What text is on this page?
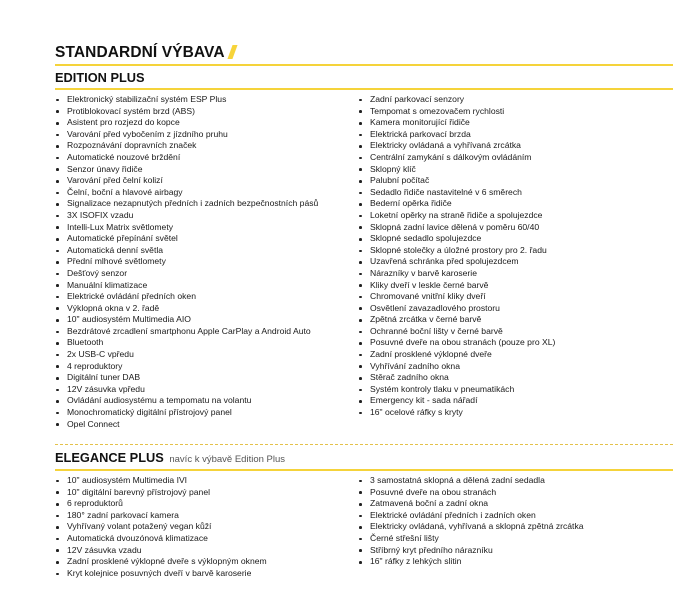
STANDARDNÍ VÝBAVA
EDITION PLUS
Elektronický stabilizační systém ESP Plus
Protiblokovací systém brzd (ABS)
Asistent pro rozjezd do kopce
Varování před vybočením z jízdního pruhu
Rozpoznávání dopravních značek
Automatické nouzové brždění
Senzor únavy řidiče
Varování před čelní kolizí
Čelní, boční a hlavové airbagy
Signalizace nezapnutých předních i zadních bezpečnostních pásů
3X ISOFIX vzadu
Intelli-Lux Matrix světlomety
Automatické přepínání světel
Automatická denní světla
Přední mlhové světlomety
Dešťový senzor
Manuální klimatizace
Elektrické ovládání předních oken
Výklopná okna v 2. řadě
10" audiosystém Multimedia AIO
Bezdrátové zrcadlení smartphonu Apple CarPlay a Android Auto
Bluetooth
2x USB-C vpředu
4 reproduktory
Digitální tuner DAB
12V zásuvka vpředu
Ovládání audiosystému a tempomatu na volantu
Monochromatický digitální přístrojový panel
Opel Connect
Zadní parkovací senzory
Tempomat s omezovačem rychlosti
Kamera monitorující řidiče
Elektrická parkovací brzda
Elektricky ovládaná a vyhřívaná zrcátka
Centrální zamykání s dálkovým ovládáním
Sklopný klíč
Palubní počítač
Sedadlo řidiče nastavitelné v 6 směrech
Bederní opěrka řidiče
Loketní opěrky na straně řidiče a spolujezdce
Sklopná zadní lavice dělená v poměru 60/40
Sklopné sedadlo spolujezdce
Sklopné stolečky a úložné prostory pro 2. řadu
Uzavřená schránka před spolujezdcem
Nárazníky v barvě karoserie
Kliky dveří v leskle černé barvě
Chromované vnitřní kliky dveří
Osvětlení zavazadlového prostoru
Zpětná zrcátka v černé barvě
Ochranné boční lišty v černé barvě
Posuvné dveře na obou stranách (pouze pro XL)
Zadní prosklené výklopné dveře
Vyhřívání zadního okna
Stěrač zadního okna
Systém kontroly tlaku v pneumatikách
Emergency kit - sada nářadí
16" ocelové ráfky s kryty
ELEGANCE PLUS navíc k výbavě Edition Plus
10" audiosystém Multimedia IVI
10" digitální barevný přístrojový panel
6 reproduktorů
180° zadní parkovací kamera
Vyhřívaný volant potažený vegan kůží
Automatická dvouzónová klimatizace
12V zásuvka vzadu
Zadní prosklené výklopné dveře s výklopným oknem
Kryt kolejnice posuvných dveří v barvě karoserie
3 samostatná sklopná a dělená zadní sedadla
Posuvné dveře na obou stranách
Zatmavená boční a zadní okna
Elektrické ovládání předních i zadních oken
Elektricky ovládaná, vyhřívaná a sklopná zpětná zrcátka
Černé střešní lišty
Stříbrný kryt předního nárazníku
16" ráfky z lehkých slitin
